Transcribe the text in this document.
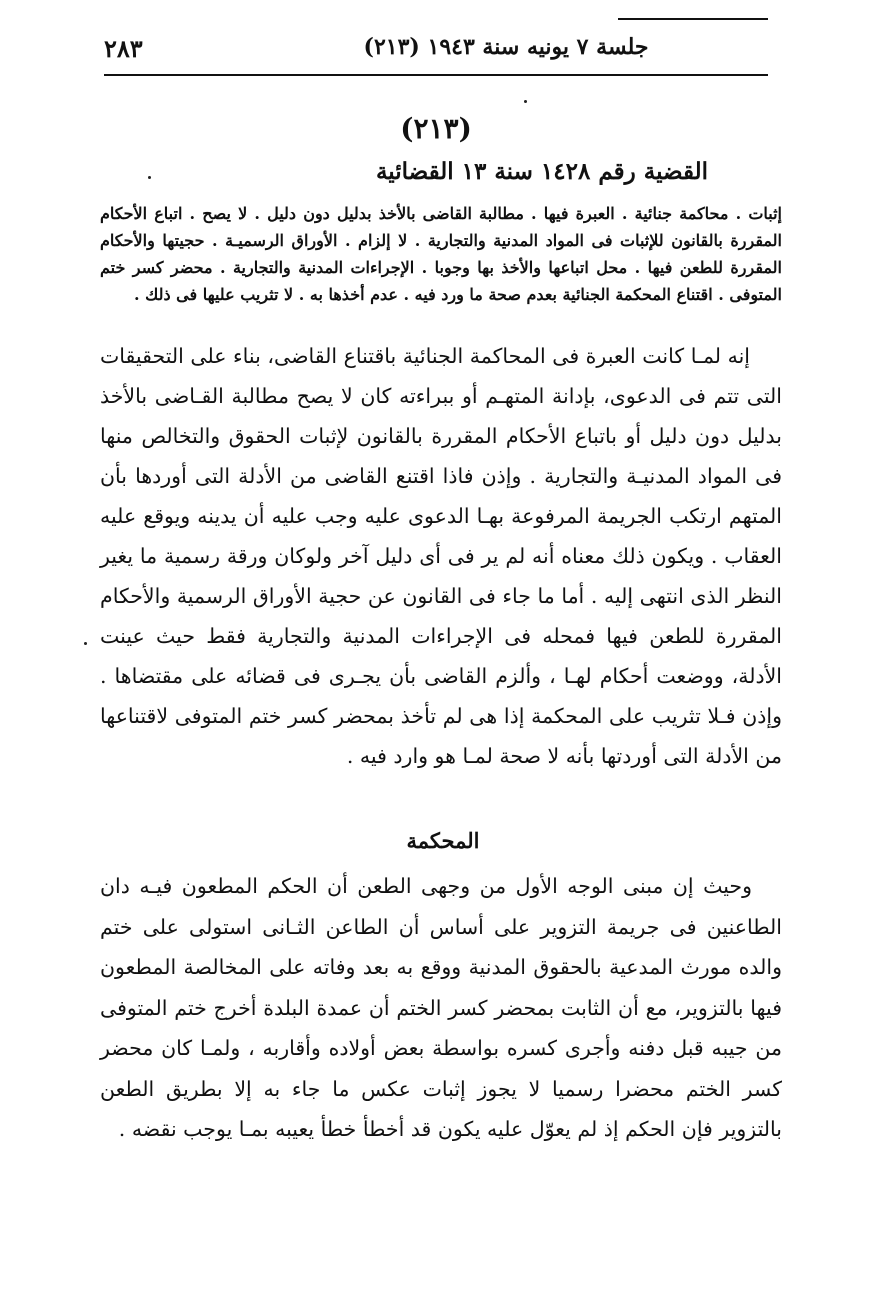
جلسة ٧ يونيه سنة ١٩٤٣ (٢١٣)
٢٨٣
(٢١٣)
القضية رقم ١٤٢٨ سنة ١٣ القضائية
إثبات . محاكمة جنائية . العبرة فيها . مطالبة القاضى بالأخذ بدليل دون دليل . لا يصح . اتباع الأحكام المقررة بالقانون للإثبات فى المواد المدنية والتجارية . لا إلزام . الأوراق الرسميـة . حجيتها والأحكام المقررة للطعن فيها . محل اتباعها والأخذ بها وجوبا . الإجراءات المدنية والتجارية . محضر كسر ختم المتوفى . اقتناع المحكمة الجنائية بعدم صحة ما ورد فيه . عدم أخذها به . لا تثريب عليها فى ذلك .
إنه لمـا كانت العبرة فى المحاكمة الجنائية باقتناع القاضى، بناء على التحقيقات التى تتم فى الدعوى، بإدانة المتهـم أو ببراءته كان لا يصح مطالبة القـاضى بالأخذ بدليل دون دليل أو باتباع الأحكام المقررة بالقانون لإثبات الحقوق والتخالص منها فى المواد المدنيـة والتجارية . وإذن فاذا اقتنع القاضى من الأدلة التى أوردها بأن المتهم ارتكب الجريمة المرفوعة بهـا الدعوى عليه وجب عليه أن يدينه ويوقع عليه العقاب . ويكون ذلك معناه أنه لم ير فى أى دليل آخر ولوكان ورقة رسمية ما يغير النظر الذى انتهى إليه . أما ما جاء فى القانون عن حجية الأوراق الرسمية والأحكام المقررة للطعن فيها فمحله فى الإجراءات المدنية والتجارية فقط حيث عينت الأدلة، ووضعت أحكام لهـا ، وألزم القاضى بأن يجـرى فى قضائه على مقتضاها . وإذن فـلا تثريب على المحكمة إذا هى لم تأخذ بمحضر كسر ختم المتوفى لاقتناعها من الأدلة التى أوردتها بأنه لا صحة لمـا هو وارد فيه .
المحكمة
وحيث إن مبنى الوجه الأول من وجهى الطعن أن الحكم المطعون فيـه دان الطاعنين فى جريمة التزوير على أساس أن الطاعن الثـانى استولى على ختم والده مورث المدعية بالحقوق المدنية ووقع به بعد وفاته على المخالصة المطعون فيها بالتزوير، مع أن الثابت بمحضر كسر الختم أن عمدة البلدة أخرج ختم المتوفى من جيبه قبل دفنه وأجرى كسره بواسطة بعض أولاده وأقاربه ، ولمـا كان محضر كسر الختم محضرا رسميا لا يجوز إثبات عكس ما جاء به إلا بطريق الطعن بالتزوير فإن الحكم إذ لم يعوّل عليه يكون قد أخطأ خطأ يعيبه بمـا يوجب نقضه .
